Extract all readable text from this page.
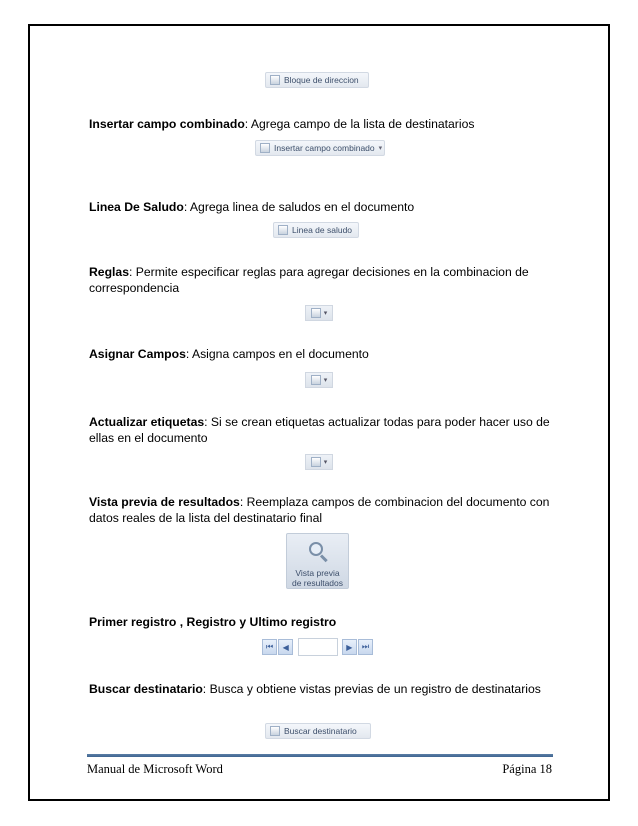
Bloque de direccion
Insertar campo combinado: Agrega campo de la lista de destinatarios
Insertar campo combinado ▾
Linea De Saludo: Agrega linea de saludos en el documento
Linea de saludo
Reglas: Permite especificar reglas para agregar decisiones en la combinacion de correspondencia
▾
Asignar Campos: Asigna campos en el documento
▾
Actualizar etiquetas: Si se crean etiquetas actualizar todas para poder hacer uso de ellas en el documento
▾
Vista previa de resultados: Reemplaza campos de combinacion del documento con datos reales de la lista del destinatario final
Vista previa
de resultados
Primer registro , Registro y Ultimo registro
⏮	◀	▶	⏭
Buscar destinatario: Busca y obtiene vistas previas de un registro de destinatarios
Buscar destinatario
Manual de Microsoft Word	Página 18
